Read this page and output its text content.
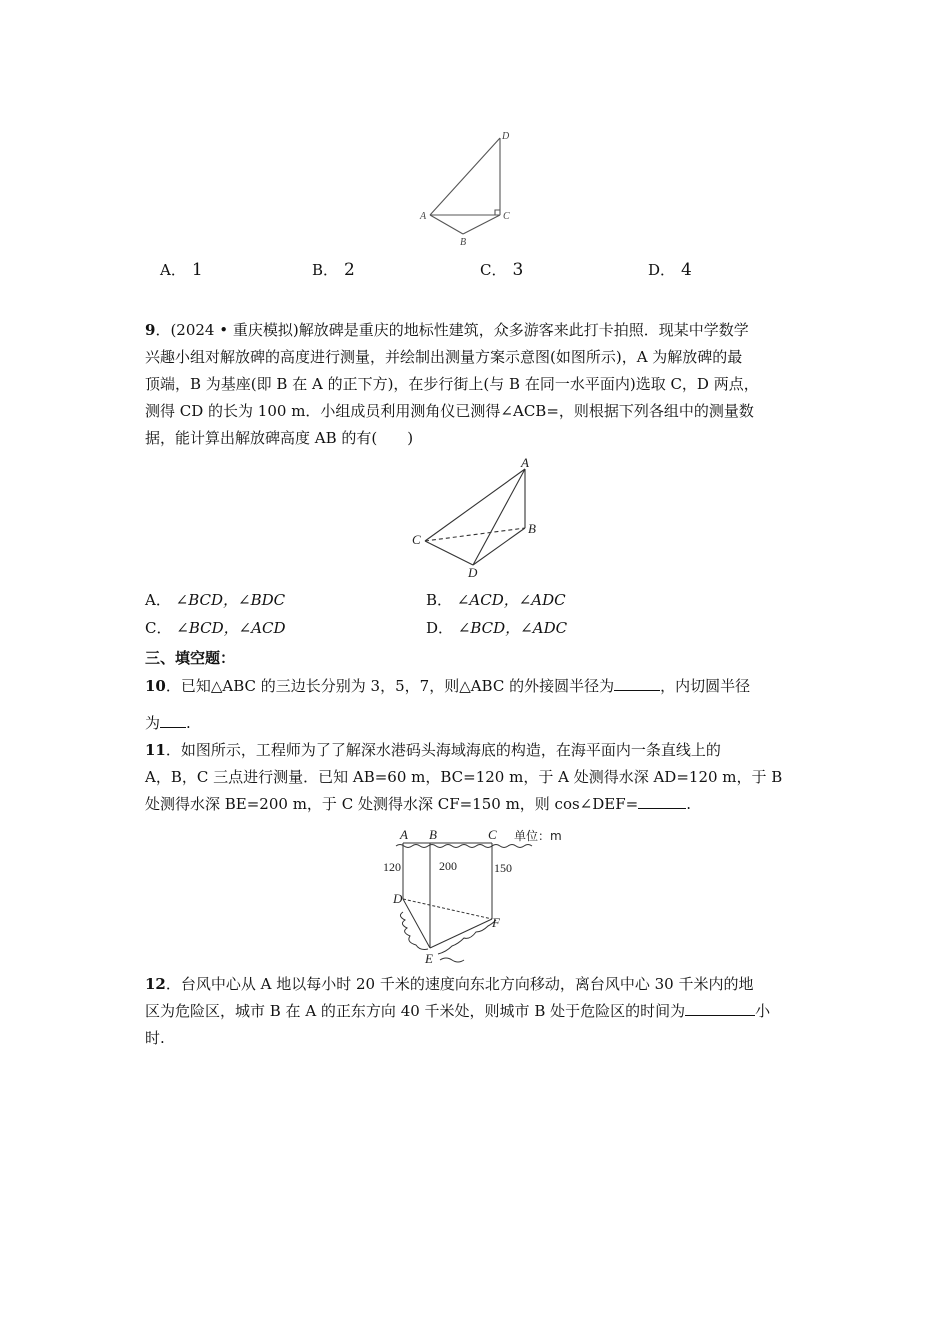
D
A	C
B
A． 1	B． 2	C． 3	D． 4
9．(2024 • 重庆模拟)解放碑是重庆的地标性建筑，众多游客来此打卡拍照．现某中学数学
兴趣小组对解放碑的高度进行测量，并绘制出测量方案示意图(如图所示)，A 为解放碑的最
顶端，B 为基座(即 B 在 A 的正下方)，在步行街上(与 B 在同一水平面内)选取 C，D 两点，
测得 CD 的长为 100 m．小组成员利用测角仪已测得∠ACB=，则根据下列各组中的测量数
据，能计算出解放碑高度 AB 的有(　　)
A
B
C
D
A． ∠BCD，∠BDC	B． ∠ACD，∠ADC
C． ∠BCD，∠ACD	D． ∠BCD，∠ADC
三、填空题：
10．已知△ABC 的三边长分别为 3，5，7，则△ABC 的外接圆半径为	，内切圆半径
为 .
11．如图所示，工程师为了了解深水港码头海域海底的构造，在海平面内一条直线上的
A，B，C 三点进行测量．已知 AB=60 m，BC=120 m，于 A 处测得水深 AD=120 m，于 B
处测得水深 BE=200 m，于 C 处测得水深 CF=150 m，则 cos∠DEF=	.
A B	C 单位：m
120	200	150
D
F
E
12．台风中心从 A 地以每小时 20 千米的速度向东北方向移动，离台风中心 30 千米内的地
区为危险区，城市 B 在 A 的正东方向 40 千米处，则城市 B 处于危险区的时间为	小
时.
